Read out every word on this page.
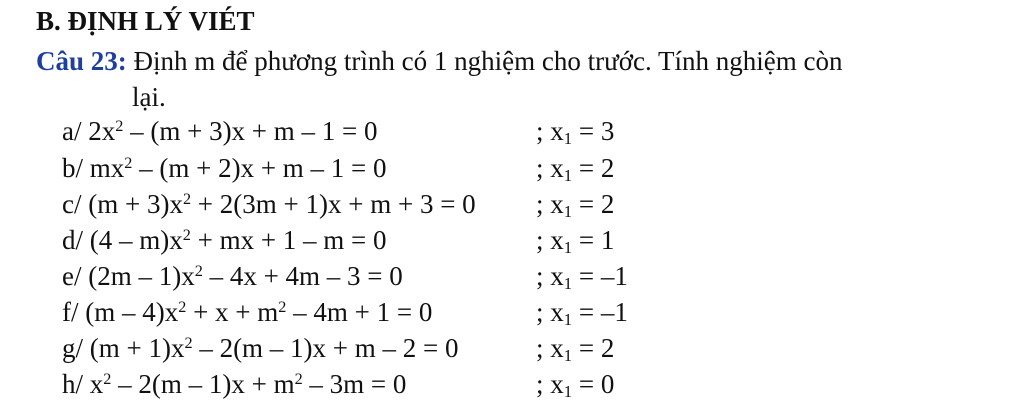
B. ĐỊNH LÝ VIÉT
Câu 23: Định m để phương trình có 1 nghiệm cho trước. Tính nghiệm còn
lại.
a/ $2x^2 - (m + 3)x + m - 1 = 0$	; $x_1 = 3$
b/ $mx^2 - (m + 2)x + m - 1 = 0$	; $x_1 = 2$
c/ $(m + 3)x^2 + 2(3m + 1)x + m + 3 = 0$ ; $x_1 = 2$
d/ $(4 - m)x^2$ + mx + 1 – m = 0	; $x_1 = 1$
e/ $(2m - 1)x^2 - 4x + 4m - 3 = 0$	; $x_1 = -1$
f/ $(m - 4)x^2 + x + m^2 - 4m + 1 = 0$	; $x_1 = -1$
g/ $(m + 1)x^2 - 2(m - 1)x + m - 2 = 0$	; $x_1 = 2$
h/ $x^2 - 2(m - 1)x + m^2 - 3m = 0$	; $x_1 = 0$
